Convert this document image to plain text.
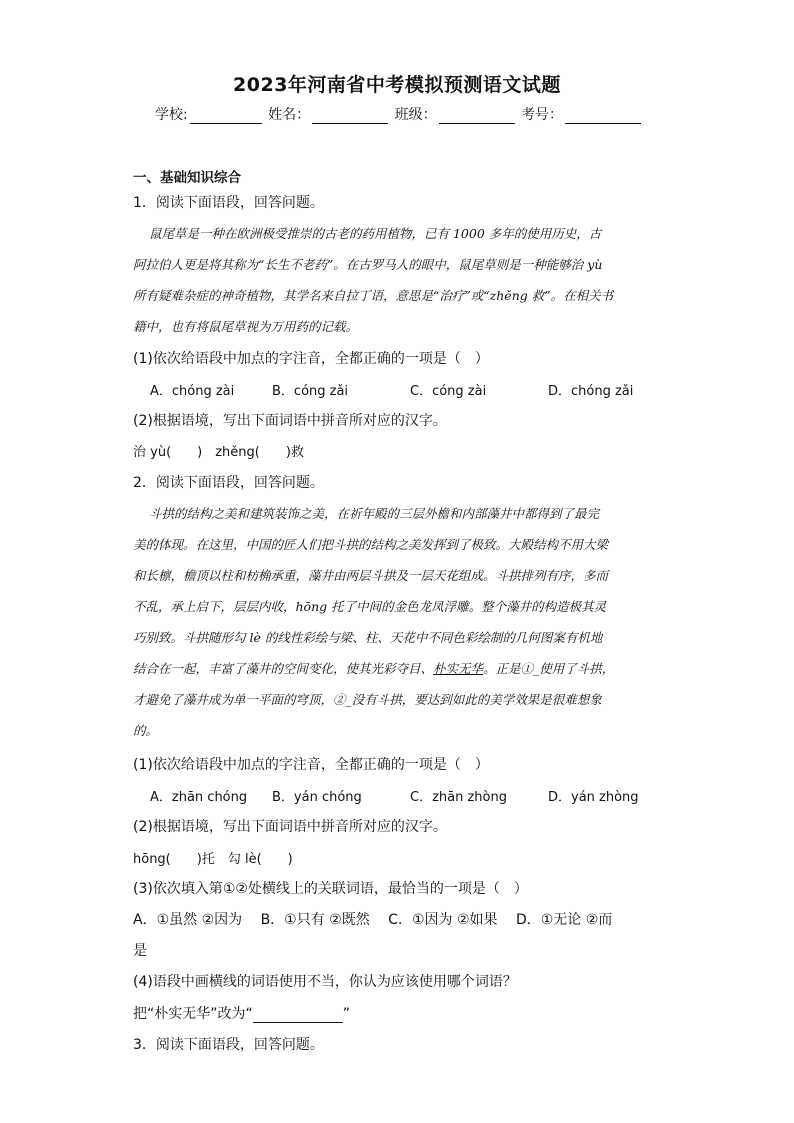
2023年河南省中考模拟预测语文试题
学校:	姓名：	班级：	考号：
一、基础知识综合
1．阅读下面语段，回答问题。
鼠尾草是一种在欧洲极受推崇的古老的药用植物，已有 1000 多年的使用历史，古
阿拉伯人更是将其称为“长生不老药”。在古罗马人的眼中，鼠尾草则是一种能够治 yù
所有疑难杂症的神奇植物，其学名来自拉丁语，意思是“治疗”或“zhěng 救”。在相关书
籍中，也有将鼠尾草视为万用药的记载。
(1)依次给语段中加点的字注音，全都正确的一项是（　）
A．chóng zài	B．cóng zǎi	C．cóng zài	D．chóng zǎi
(2)根据语境，写出下面词语中拼音所对应的汉字。
治 yù(　　)　zhěng(　　)救
2．阅读下面语段，回答问题。
斗拱的结构之美和建筑装饰之美，在祈年殿的三层外檐和内部藻井中都得到了最完
美的体现。在这里，中国的匠人们把斗拱的结构之美发挥到了极致。大殿结构不用大梁
和长檩，檐顶以柱和枋桷承重，藻井由两层斗拱及一层天花组成。斗拱排列有序，多而
不乱，承上启下，层层内收，hōng 托了中间的金色龙凤浮雕。整个藻井的构造极其灵
巧别致。斗拱随形勾 lè 的线性彩绘与梁、柱、天花中不同色彩绘制的几何图案有机地
结合在一起，丰富了藻井的空间变化，使其光彩夺目、朴实无华。正是①_使用了斗拱，
才避免了藻井成为单一平面的穹顶，②_没有斗拱，要达到如此的美学效果是很难想象
的。
(1)依次给语段中加点的字注音，全都正确的一项是（　）
A．zhān chóng B．yán chóng	C．zhān zhòng	D．yán zhòng
(2)根据语境，写出下面词语中拼音所对应的汉字。
hōng(　　)托　勾 lè(　　)
(3)依次填入第①②处横线上的关联词语，最恰当的一项是（　）
A．①虽然 ②因为　 B．①只有 ②既然　 C．①因为 ②如果　 D．①无论 ②而
是
(4)语段中画横线的词语使用不当，你认为应该使用哪个词语？
把“朴实无华”改为“	”
3．阅读下面语段，回答问题。
